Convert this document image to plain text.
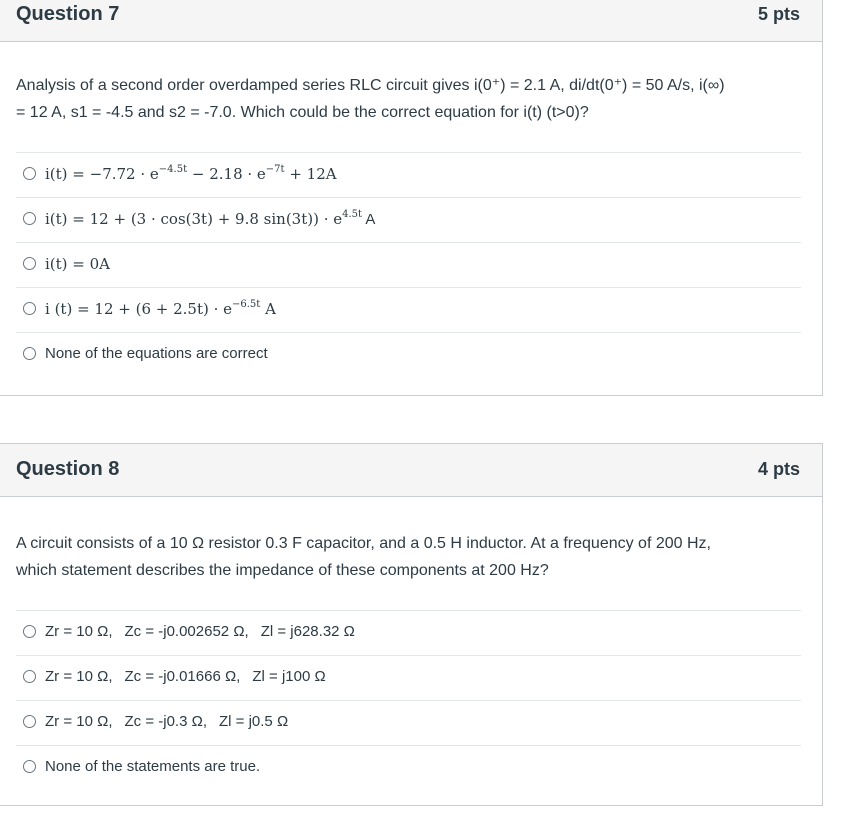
Question 7	5 pts
Analysis of a second order overdamped series RLC circuit gives i(0⁺) = 2.1 A, di/dt(0⁺) = 50 A/s, i(∞)
= 12 A, s1 = -4.5 and s2 = -7.0. Which could be the correct equation for i(t) (t>0)?
$i(t) = -7.72 \cdot e^{-4.5t} - 2.18 \cdot e^{-7t} + 12A$
i(t) = 12 + (3 · cos(3t) + 9.8 $\sin(3t)) \cdot e^{4.5t}$ A
i(t) = 0A
i $(t) = 12 + (6 + 2.5t) \cdot e^{-6.5t}$ A
None of the equations are correct
Question 8	4 pts
A circuit consists of a 10 Ω resistor 0.3 F capacitor, and a 0.5 H inductor. At a frequency of 200 Hz,
which statement describes the impedance of these components at 200 Hz?
Zr = 10 Ω, Zc = -j0.002652 Ω, Zl = j628.32 Ω
Zr = 10 Ω, Zc = -j0.01666 Ω, Zl = j100 Ω
Zr = 10 Ω, Zc = -j0.3 Ω, Zl = j0.5 Ω
None of the statements are true.
